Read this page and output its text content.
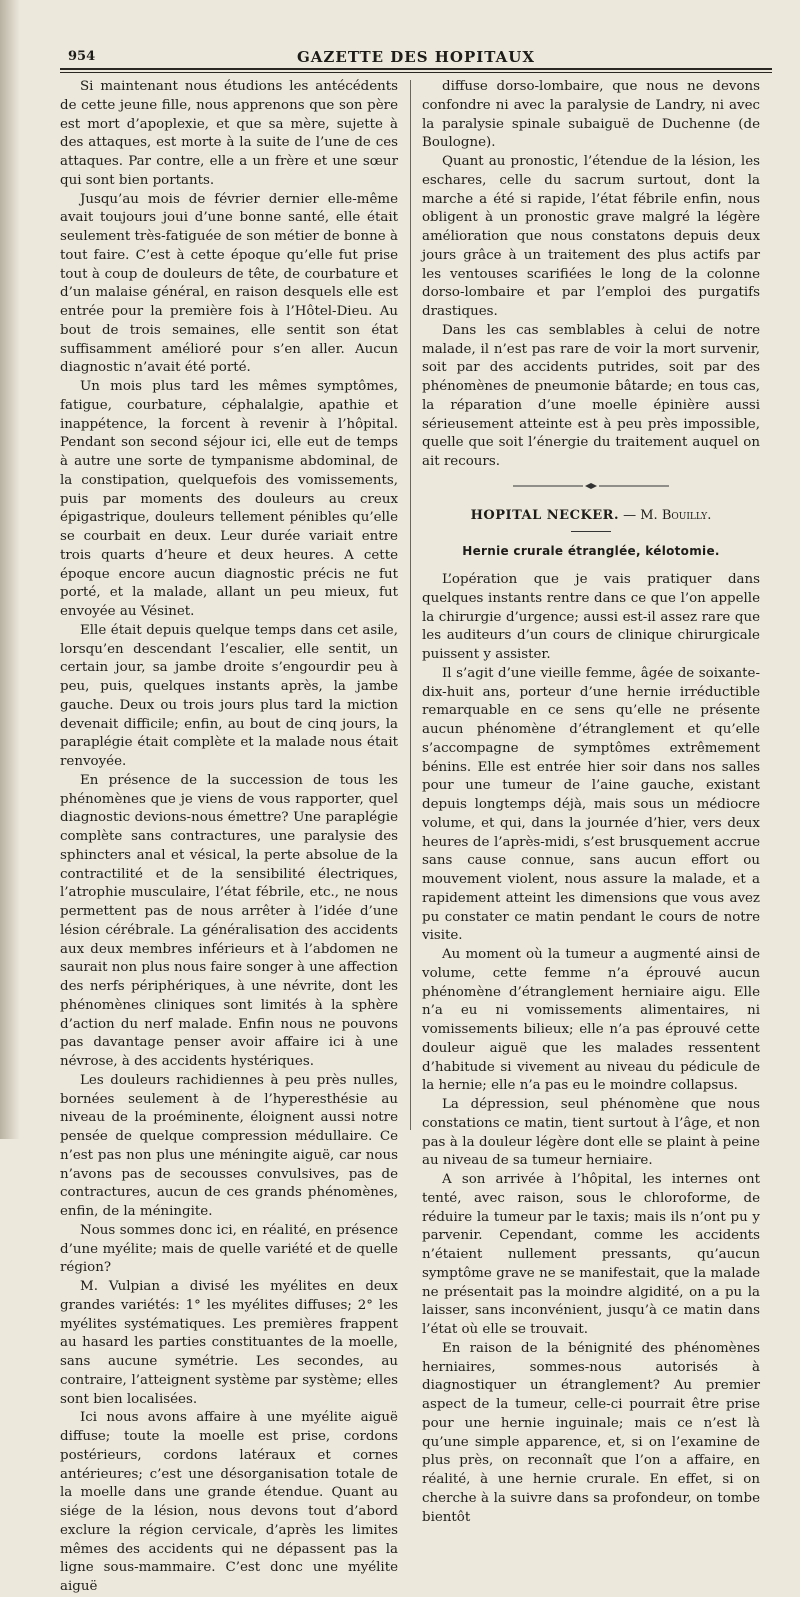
954	GAZETTE DES HOPITAUX

Si maintenant nous étudions les antécédents de cette jeune fille, nous apprenons que son père est mort d’apoplexie, et que sa mère, sujette à des attaques, est morte à la suite de l’une de ces attaques. Par contre, elle a un frère et une sœur qui sont bien portants.

Jusqu’au mois de février dernier elle-même avait toujours joui d’une bonne santé, elle était seulement très-fatiguée de son métier de bonne à tout faire. C’est à cette époque qu’elle fut prise tout à coup de douleurs de tête, de courbature et d’un malaise général, en raison desquels elle est entrée pour la première fois à l’Hôtel-Dieu. Au bout de trois semaines, elle sentit son état suffisamment amélioré pour s’en aller. Aucun diagnostic n’avait été porté.

Un mois plus tard les mêmes symptômes, fatigue, courbature, céphalalgie, apathie et inappétence, la forcent à revenir à l’hôpital. Pendant son second séjour ici, elle eut de temps à autre une sorte de tympanisme abdominal, de la constipation, quelquefois des vomissements, puis par moments des douleurs au creux épigastrique, douleurs tellement pénibles qu’elle se courbait en deux. Leur durée variait entre trois quarts d’heure et deux heures. A cette époque encore aucun diagnostic précis ne fut porté, et la malade, allant un peu mieux, fut envoyée au Vésinet.

Elle était depuis quelque temps dans cet asile, lorsqu’en descendant l’escalier, elle sentit, un certain jour, sa jambe droite s’engourdir peu à peu, puis, quelques instants après, la jambe gauche. Deux ou trois jours plus tard la miction devenait difficile; enfin, au bout de cinq jours, la paraplégie était complète et la malade nous était renvoyée.

En présence de la succession de tous les phénomènes que je viens de vous rapporter, quel diagnostic devions-nous émettre? Une paraplégie complète sans contractures, une paralysie des sphincters anal et vésical, la perte absolue de la contractilité et de la sensibilité électriques, l’atrophie musculaire, l’état fébrile, etc., ne nous permettent pas de nous arrêter à l’idée d’une lésion cérébrale. La généralisation des accidents aux deux membres inférieurs et à l’abdomen ne saurait non plus nous faire songer à une affection des nerfs périphériques, à une névrite, dont les phénomènes cliniques sont limités à la sphère d’action du nerf malade. Enfin nous ne pouvons pas davantage penser avoir affaire ici à une névrose, à des accidents hystériques.

Les douleurs rachidiennes à peu près nulles, bornées seulement à de l’hyperesthésie au niveau de la proéminente, éloignent aussi notre pensée de quelque compression médullaire. Ce n’est pas non plus une méningite aiguë, car nous n’avons pas de secousses convulsives, pas de contractures, aucun de ces grands phénomènes, enfin, de la méningite.

Nous sommes donc ici, en réalité, en présence d’une myélite; mais de quelle variété et de quelle région?

M. Vulpian a divisé les myélites en deux grandes variétés: 1° les myélites diffuses; 2° les myélites systématiques. Les premières frappent au hasard les parties constituantes de la moelle, sans aucune symétrie. Les secondes, au contraire, l’atteignent système par système; elles sont bien localisées.

Ici nous avons affaire à une myélite aiguë diffuse; toute la moelle est prise, cordons postérieurs, cordons latéraux et cornes antérieures; c’est une désorganisation totale de la moelle dans une grande étendue. Quant au siége de la lésion, nous devons tout d’abord exclure la région cervicale, d’après les limites mêmes des accidents qui ne dépassent pas la ligne sous-mammaire. C’est donc une myélite aiguë

diffuse dorso-lombaire, que nous ne devons confondre ni avec la paralysie de Landry, ni avec la paralysie spinale subaiguë de Duchenne (de Boulogne).

Quant au pronostic, l’étendue de la lésion, les eschares, celle du sacrum surtout, dont la marche a été si rapide, l’état fébrile enfin, nous obligent à un pronostic grave malgré la légère amélioration que nous constatons depuis deux jours grâce à un traitement des plus actifs par les ventouses scarifiées le long de la colonne dorso-lombaire et par l’emploi des purgatifs drastiques.

Dans les cas semblables à celui de notre malade, il n’est pas rare de voir la mort survenir, soit par des accidents putrides, soit par des phénomènes de pneumonie bâtarde; en tous cas, la réparation d’une moelle épinière aussi sérieusement atteinte est à peu près impossible, quelle que soit l’énergie du traitement auquel on ait recours.

HOPITAL NECKER. — M. Bouilly.
Hernie crurale étranglée, kélotomie.

L’opération que je vais pratiquer dans quelques instants rentre dans ce que l’on appelle la chirurgie d’urgence; aussi est-il assez rare que les auditeurs d’un cours de clinique chirurgicale puissent y assister.

Il s’agit d’une vieille femme, âgée de soixante-dix-huit ans, porteur d’une hernie irréductible remarquable en ce sens qu’elle ne présente aucun phénomène d’étranglement et qu’elle s’accompagne de symptômes extrêmement bénins. Elle est entrée hier soir dans nos salles pour une tumeur de l’aine gauche, existant depuis longtemps déjà, mais sous un médiocre volume, et qui, dans la journée d’hier, vers deux heures de l’après-midi, s’est brusquement accrue sans cause connue, sans aucun effort ou mouvement violent, nous assure la malade, et a rapidement atteint les dimensions que vous avez pu constater ce matin pendant le cours de notre visite.

Au moment où la tumeur a augmenté ainsi de volume, cette femme n’a éprouvé aucun phénomène d’étranglement herniaire aigu. Elle n’a eu ni vomissements alimentaires, ni vomissements bilieux; elle n’a pas éprouvé cette douleur aiguë que les malades ressentent d’habitude si vivement au niveau du pédicule de la hernie; elle n’a pas eu le moindre collapsus.

La dépression, seul phénomène que nous constations ce matin, tient surtout à l’âge, et non pas à la douleur légère dont elle se plaint à peine au niveau de sa tumeur herniaire.

A son arrivée à l’hôpital, les internes ont tenté, avec raison, sous le chloroforme, de réduire la tumeur par le taxis; mais ils n’ont pu y parvenir. Cependant, comme les accidents n’étaient nullement pressants, qu’aucun symptôme grave ne se manifestait, que la malade ne présentait pas la moindre algidité, on a pu la laisser, sans inconvénient, jusqu’à ce matin dans l’état où elle se trouvait.

En raison de la bénignité des phénomènes herniaires, sommes-nous autorisés à diagnostiquer un étranglement? Au premier aspect de la tumeur, celle-ci pourrait être prise pour une hernie inguinale; mais ce n’est là qu’une simple apparence, et, si on l’examine de plus près, on reconnaît que l’on a affaire, en réalité, à une hernie crurale. En effet, si on cherche à la suivre dans sa profondeur, on tombe bientôt
